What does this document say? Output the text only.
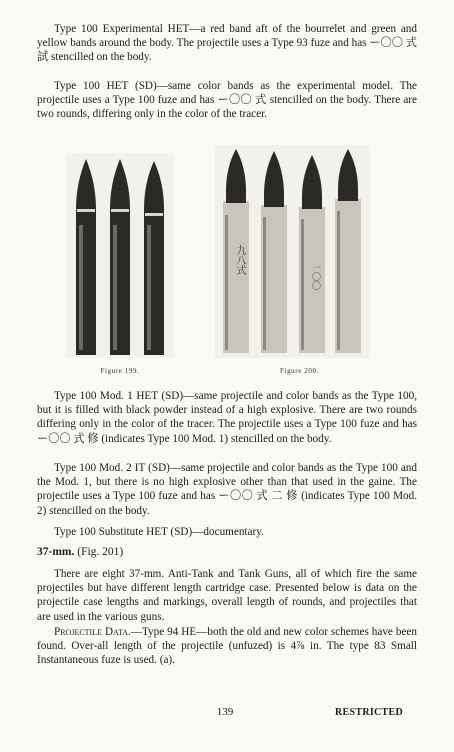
Type 100 Experimental HET—a red band aft of the bourrelet and green and yellow bands around the body. The projectile uses a Type 93 fuze and has ー〇〇 式 試 stencilled on the body.

Type 100 HET (SD)—same color bands as the experimental model. The projectile uses a Type 100 fuze and has ー〇〇 式 stencilled on the body. There are two rounds, differing only in the color of the tracer.

Figure 199.
九八式
一〇〇
Figure 200.

Type 100 Mod. 1 HET (SD)—same projectile and color bands as the Type 100, but it is filled with black powder instead of a high explosive. There are two rounds differing only in the color of the tracer. The projectile uses a Type 100 fuze and has ー〇〇 式 修 (indicates Type 100 Mod. 1) stencilled on the body.

Type 100 Mod. 2 IT (SD)—same projectile and color bands as the Type 100 and the Mod. 1, but there is no high explosive other than that used in the gaine. The projectile uses a Type 100 fuze and has ー〇〇 式 二 修 (indicates Type 100 Mod. 2) stencilled on the body.

Type 100 Substitute HET (SD)—documentary.

37-mm. (Fig. 201)

There are eight 37-mm. Anti-Tank and Tank Guns, all of which fire the same projectiles but have different length cartridge case. Presented below is data on the projectile case lengths and markings, overall length of rounds, and projectiles that are used in the various guns.

Projectile Data.—Type 94 HE—both the old and new color schemes have been found. Over-all length of the projectile (unfuzed) is 4⅞ in. The type 83 Small Instantaneous fuze is used. (a).

139	RESTRICTED
